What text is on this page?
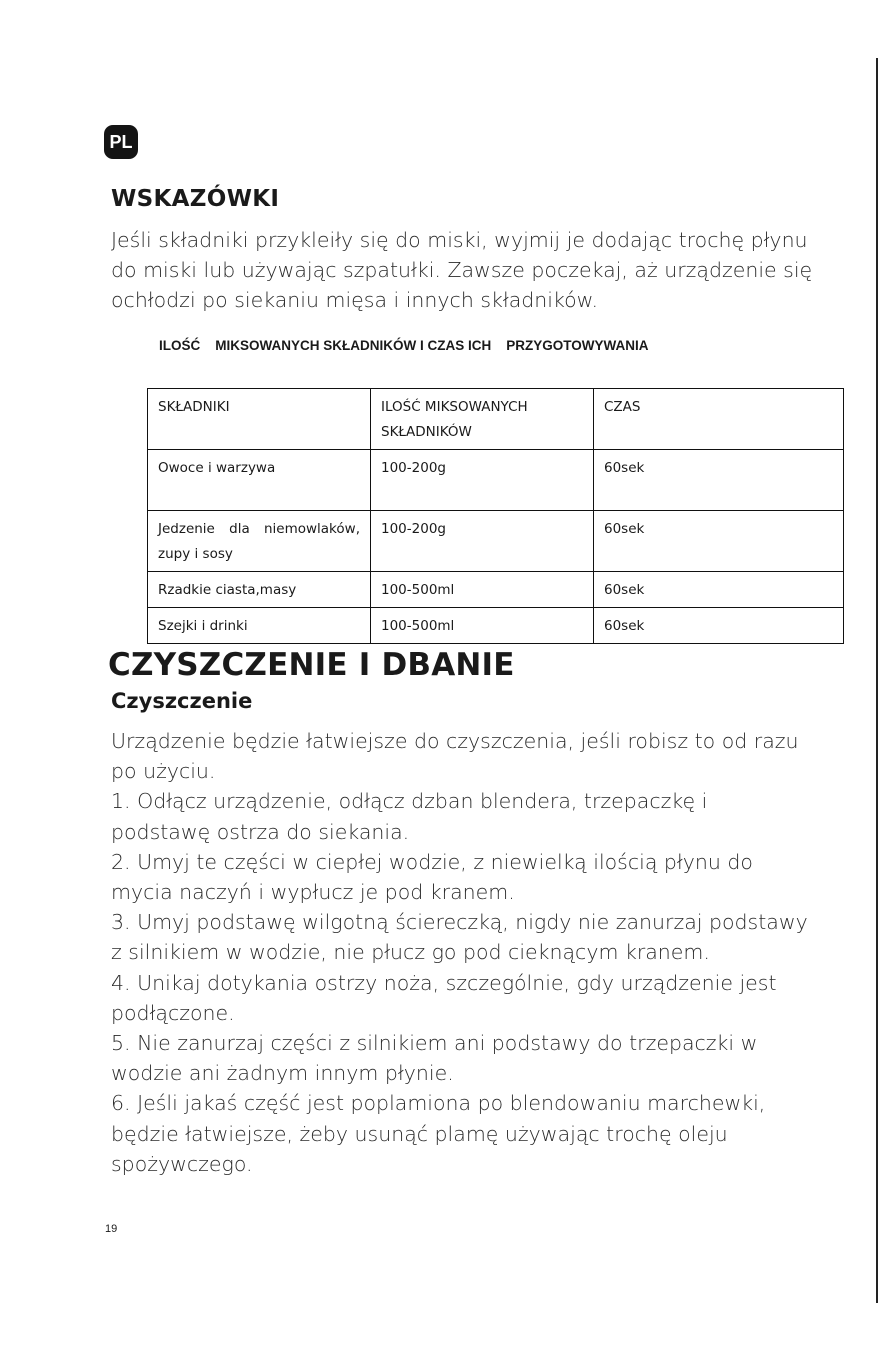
PL
WSKAZÓWKI

Jeśli składniki przykleiły się do miski, wyjmij je dodając trochę płynu do miski lub używając szpatułki. Zawsze poczekaj, aż urządzenie się ochłodzi po siekaniu mięsa i innych składników.

ILOŚĆ    MIKSOWANYCH SKŁADNIKÓW I CZAS ICH    PRZYGOTOWYWANIA

SKŁADNIKI	ILOŚĆ MIKSOWANYCH SKŁADNIKÓW	CZAS
Owoce i warzywa	100-200g	60sek
Jedzenie dla niemowlaków, zupy i sosy	100-200g	60sek
Rzadkie ciasta,masy	100-500ml	60sek
Szejki i drinki	100-500ml	60sek
CZYSZCZENIE I DBANIE
Czyszczenie

Urządzenie będzie łatwiejsze do czyszczenia, jeśli robisz to od razu po użyciu.

1. Odłącz urządzenie, odłącz dzban blendera, trzepaczkę i podstawę ostrza do siekania.

2. Umyj te części w ciepłej wodzie, z niewielką ilością płynu do mycia naczyń i wypłucz je pod kranem.

3. Umyj podstawę wilgotną ściereczką, nigdy nie zanurzaj podstawy z silnikiem w wodzie, nie płucz go pod cieknącym kranem.

4. Unikaj dotykania ostrzy noża, szczególnie, gdy urządzenie jest podłączone.

5. Nie zanurzaj części z silnikiem ani podstawy do trzepaczki w wodzie ani żadnym innym płynie.

6. Jeśli jakaś część jest poplamiona po blendowaniu marchewki, będzie łatwiejsze, żeby usunąć plamę używając trochę oleju spożywczego.

19
